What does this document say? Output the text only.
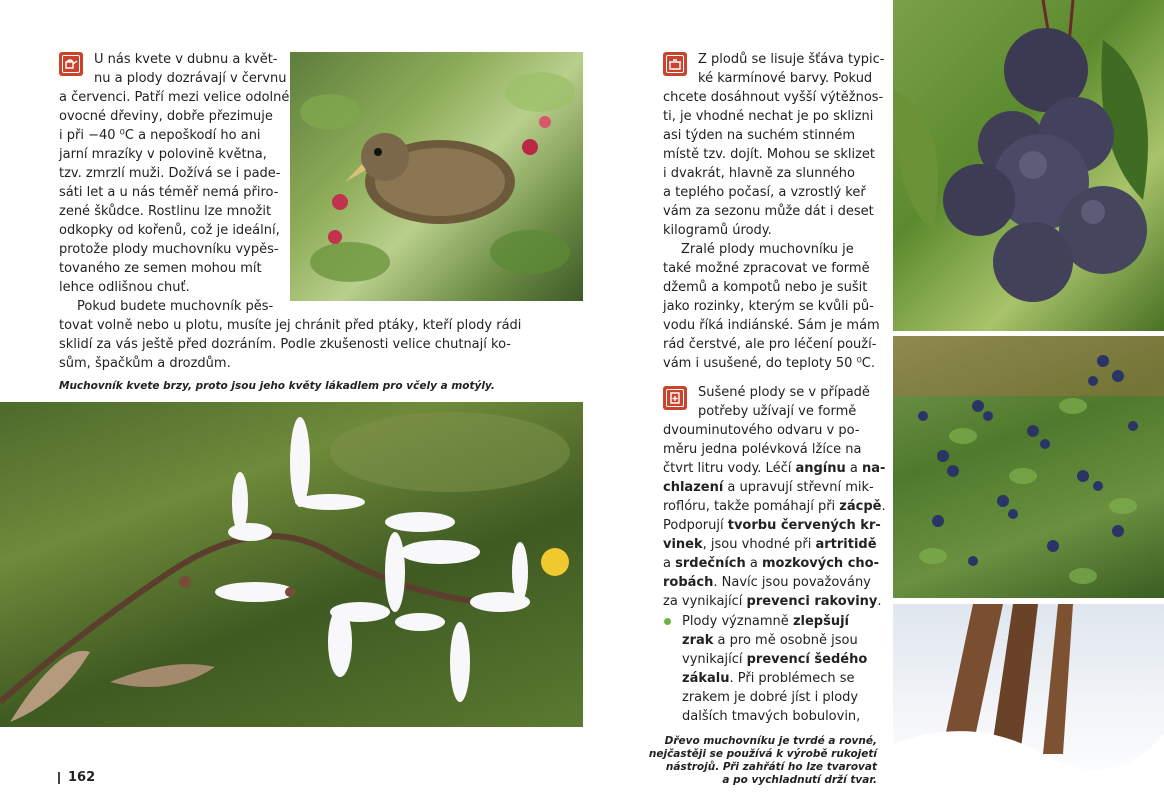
U nás kvete v dubnu a květ-
nu a plody dozrávají v červnu
a červenci. Patří mezi velice odolné
ovocné dřeviny, dobře přezimuje
i při −40 ⁰C a nepoškodí ho ani
jarní mrazíky v polovině května,
tzv. zmrzlí muži. Dožívá se i pade-
sáti let a u nás téměř nemá přiro-
zené škůdce. Rostlinu lze množit
odkopky od kořenů, což je ideální,
protože plody muchovníku vypěs-
tovaného ze semen mohou mít
lehce odlišnou chuť.
Pokud budete muchovník pěs-
tovat volně nebo u plotu, musíte jej chránit před ptáky, kteří plody rádi
sklidí za vás ještě před dozráním. Podle zkušenosti velice chutnají ko-
sům, špačkům a drozdům.
Muchovník kvete brzy, proto jsou jeho květy lákadlem pro včely a motýly.
162
Z plodů se lisuje šťáva typic-
ké karmínové barvy. Pokud
chcete dosáhnout vyšší výtěžnos-
ti, je vhodné nechat je po sklizni
asi týden na suchém stinném
místě tzv. dojít. Mohou se sklizet
i dvakrát, hlavně za slunného
a teplého počasí, a vzrostlý keř
vám za sezonu může dát i deset
kilogramů úrody.
Zralé plody muchovníku je
také možné zpracovat ve formě
džemů a kompotů nebo je sušit
jako rozinky, kterým se kvůli pů-
vodu říká indiánské. Sám je mám
rád čerstvé, ale pro léčení použí-
vám i usušené, do teploty 50 ⁰C.
Sušené plody se v případě
potřeby užívají ve formě
dvouminutového odvaru v po-
měru jedna polévková lžíce na
čtvrt litru vody. Léčí angínu a na-
chlazení a upravují střevní mik-
roflóru, takže pomáhají při zácpě.
Podporují tvorbu červených kr-
vinek, jsou vhodné při artritidě
a srdečních a mozkových cho-
robách. Navíc jsou považovány
za vynikající prevenci rakoviny.
Plody významně zlepšují
zrak a pro mě osobně jsou
vynikající prevencí šedého
zákalu. Při problémech se
zrakem je dobré jíst i plody
dalších tmavých bobulovin,
Dřevo muchovníku je tvrdé a rovné,
nejčastěji se používá k výrobě rukojetí
nástrojů. Při zahřátí ho lze tvarovat
a po vychladnutí drží tvar.
